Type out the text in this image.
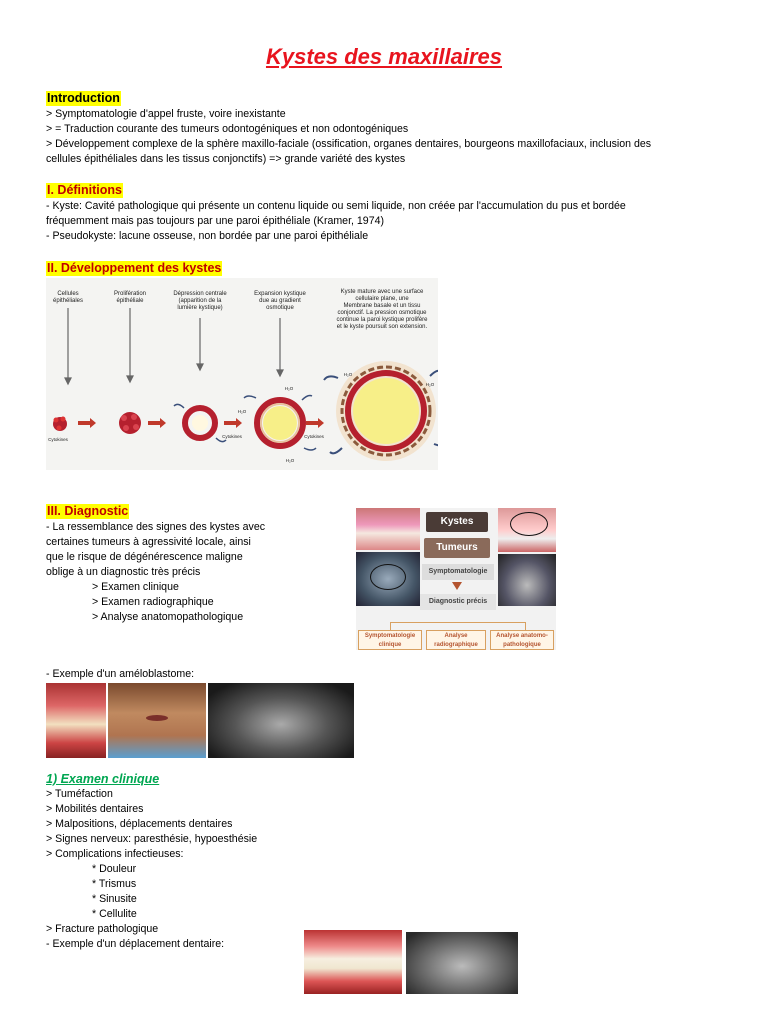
Kystes des maxillaires
Introduction
> Symptomatologie d'appel fruste, voire inexistante
> = Traduction courante des tumeurs odontogéniques et non odontogéniques
> Développement complexe de la sphère maxillo-faciale (ossification, organes dentaires, bourgeons maxillofaciaux, inclusion des
cellules épithéliales dans les tissus conjonctifs) => grande variété des kystes
I. Définitions
- Kyste: Cavité pathologique qui présente un contenu liquide ou semi liquide, non créée par l'accumulation du pus et bordée
fréquemment mais pas toujours par une paroi épithéliale (Kramer, 1974)
- Pseudokyste: lacune osseuse, non bordée par une paroi épithéliale
II. Développement des kystes
Cellules épithéliales
Prolifération épithéliale
Dépression centrale (apparition de la lumière kystique)
Expansion kystique due au gradient osmotique
Kyste mature avec une surface cellulaire plane, une Membrane basale et un tissu conjonctif. La pression osmotique continue la paroi kystique prolifère et le kyste poursuit son extension.
Cytokines
Cytokines	Cytokines
H₂O
H₂O
H₂O
H₂O
H₂O
III. Diagnostic
- La ressemblance des signes des kystes avec
certaines tumeurs à agressivité locale, ainsi
que le risque de dégénérescence maligne
oblige à un diagnostic très précis
> Examen clinique
> Examen radiographique
> Analyse anatomopathologique
Kystes
Tumeurs
Symptomatologie
Diagnostic précis
Symptomatologie clinique
Analyse radiographique
Analyse anatomo-pathologique
- Exemple d'un améloblastome:
1) Examen clinique
> Tuméfaction
> Mobilités dentaires
> Malpositions, déplacements dentaires
> Signes nerveux: paresthésie, hypoesthésie
> Complications infectieuses:
* Douleur
* Trismus
* Sinusite
* Cellulite
> Fracture pathologique
- Exemple d'un déplacement dentaire:
